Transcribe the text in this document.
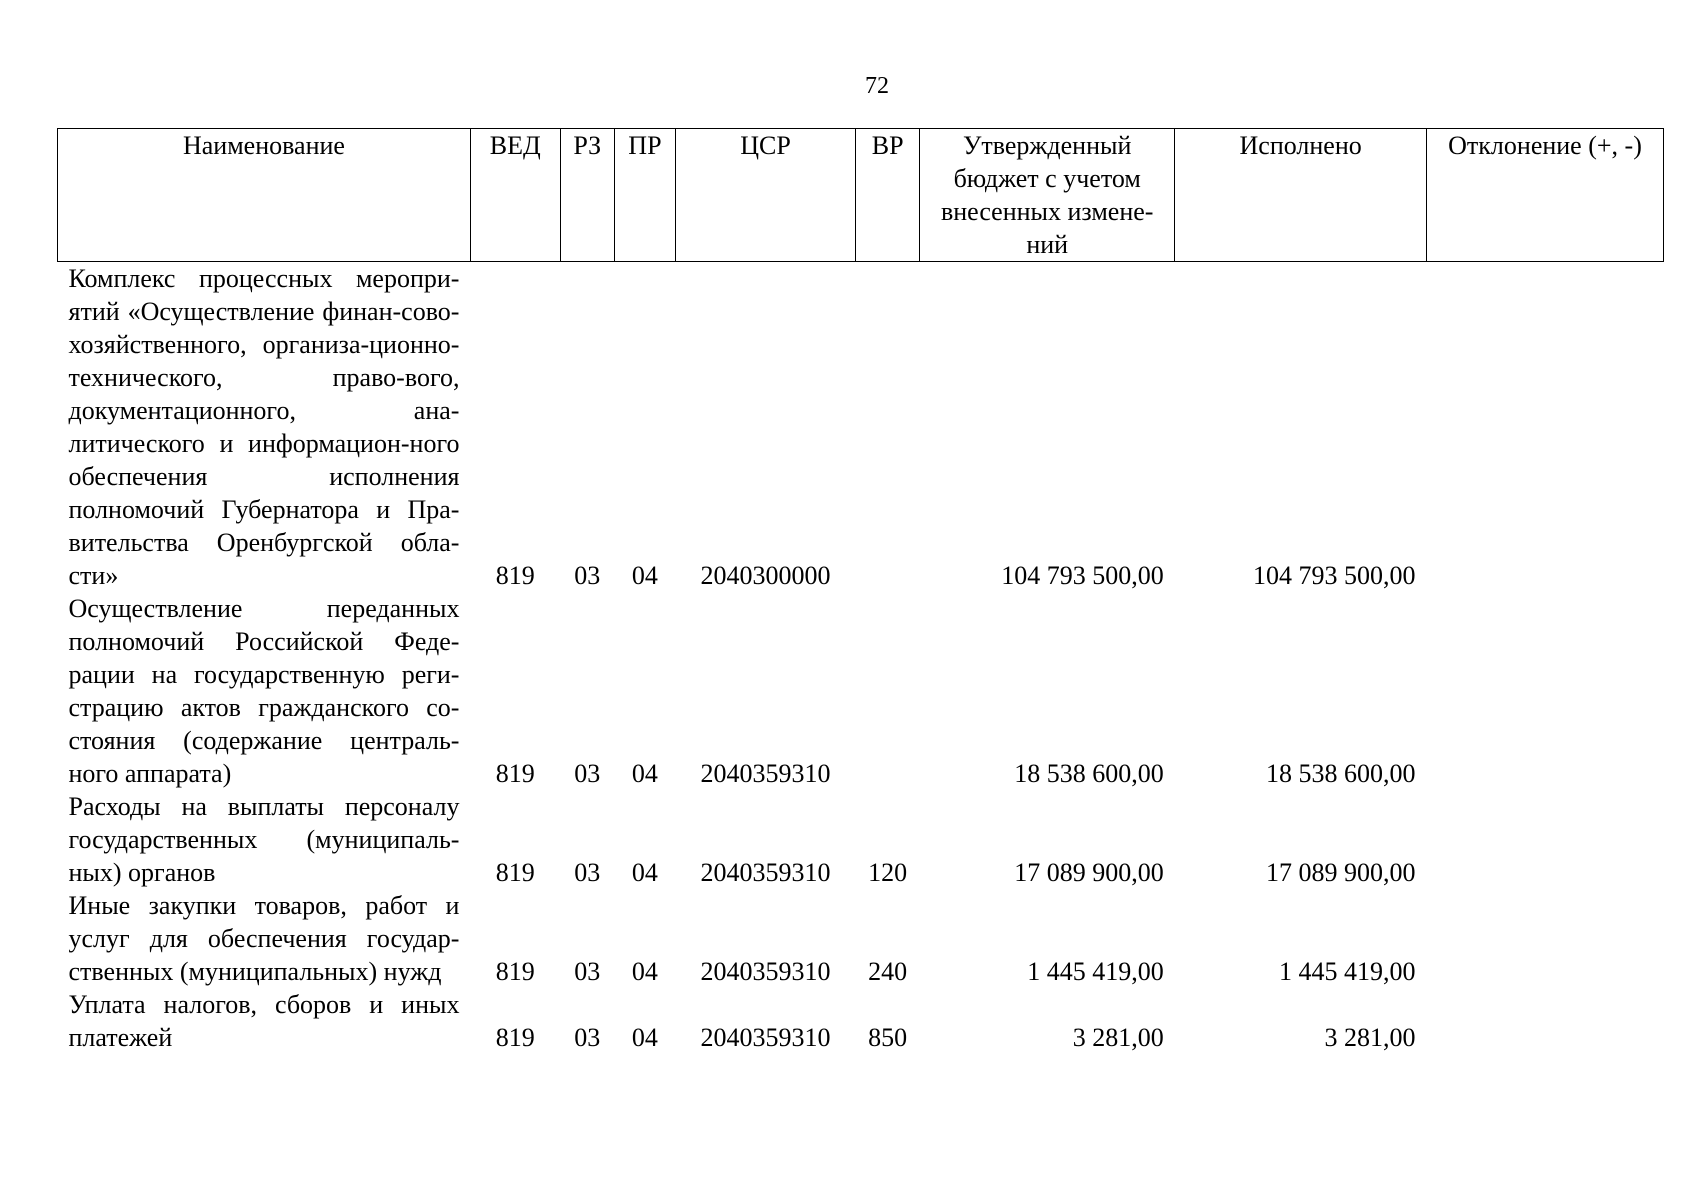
72
Наименование	ВЕД	РЗ	ПР	ЦСР	ВР	Утвержденный бюджет с учетом внесенных измене-ний	Исполнено	Отклонение (+, -)
Комплекс процессных меропри-ятий «Осуществление финан-сово-хозяйственного, организа-ционно-технического, право-вого, документационного, ана-литического и информацион-ного обеспечения исполнения полномочий Губернатора и Пра-вительства Оренбургской обла-сти»	819	03	04	2040300000		104 793 500,00	104 793 500,00	
Осуществление переданных полномочий Российской Феде-рации на государственную реги-страцию актов гражданского со-стояния (содержание централь-ного аппарата)	819	03	04	2040359310		18 538 600,00	18 538 600,00	
Расходы на выплаты персоналу государственных (муниципаль-ных) органов	819	03	04	2040359310	120	17 089 900,00	17 089 900,00	
Иные закупки товаров, работ и услуг для обеспечения государ-ственных (муниципальных) нужд	819	03	04	2040359310	240	1 445 419,00	1 445 419,00	
Уплата налогов, сборов и иных платежей	819	03	04	2040359310	850	3 281,00	3 281,00	
